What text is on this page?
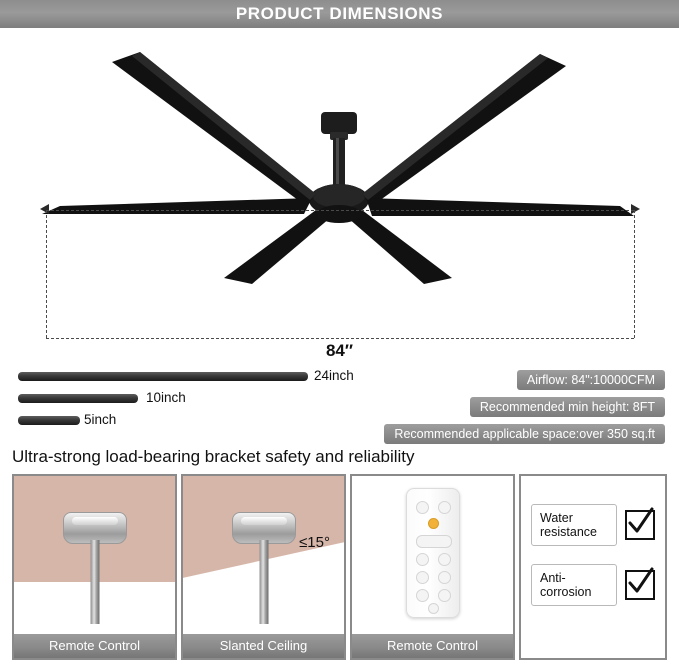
PRODUCT DIMENSIONS
84″
24inch
10inch
5inch
Airflow: 84":10000CFM
Recommended min height: 8FT
Recommended applicable space:over 350 sq.ft
Ultra-strong load-bearing bracket safety and reliability
Remote Control
≤15°
Slanted Ceiling	Remote Control
Water resistance
Anti-corrosion
